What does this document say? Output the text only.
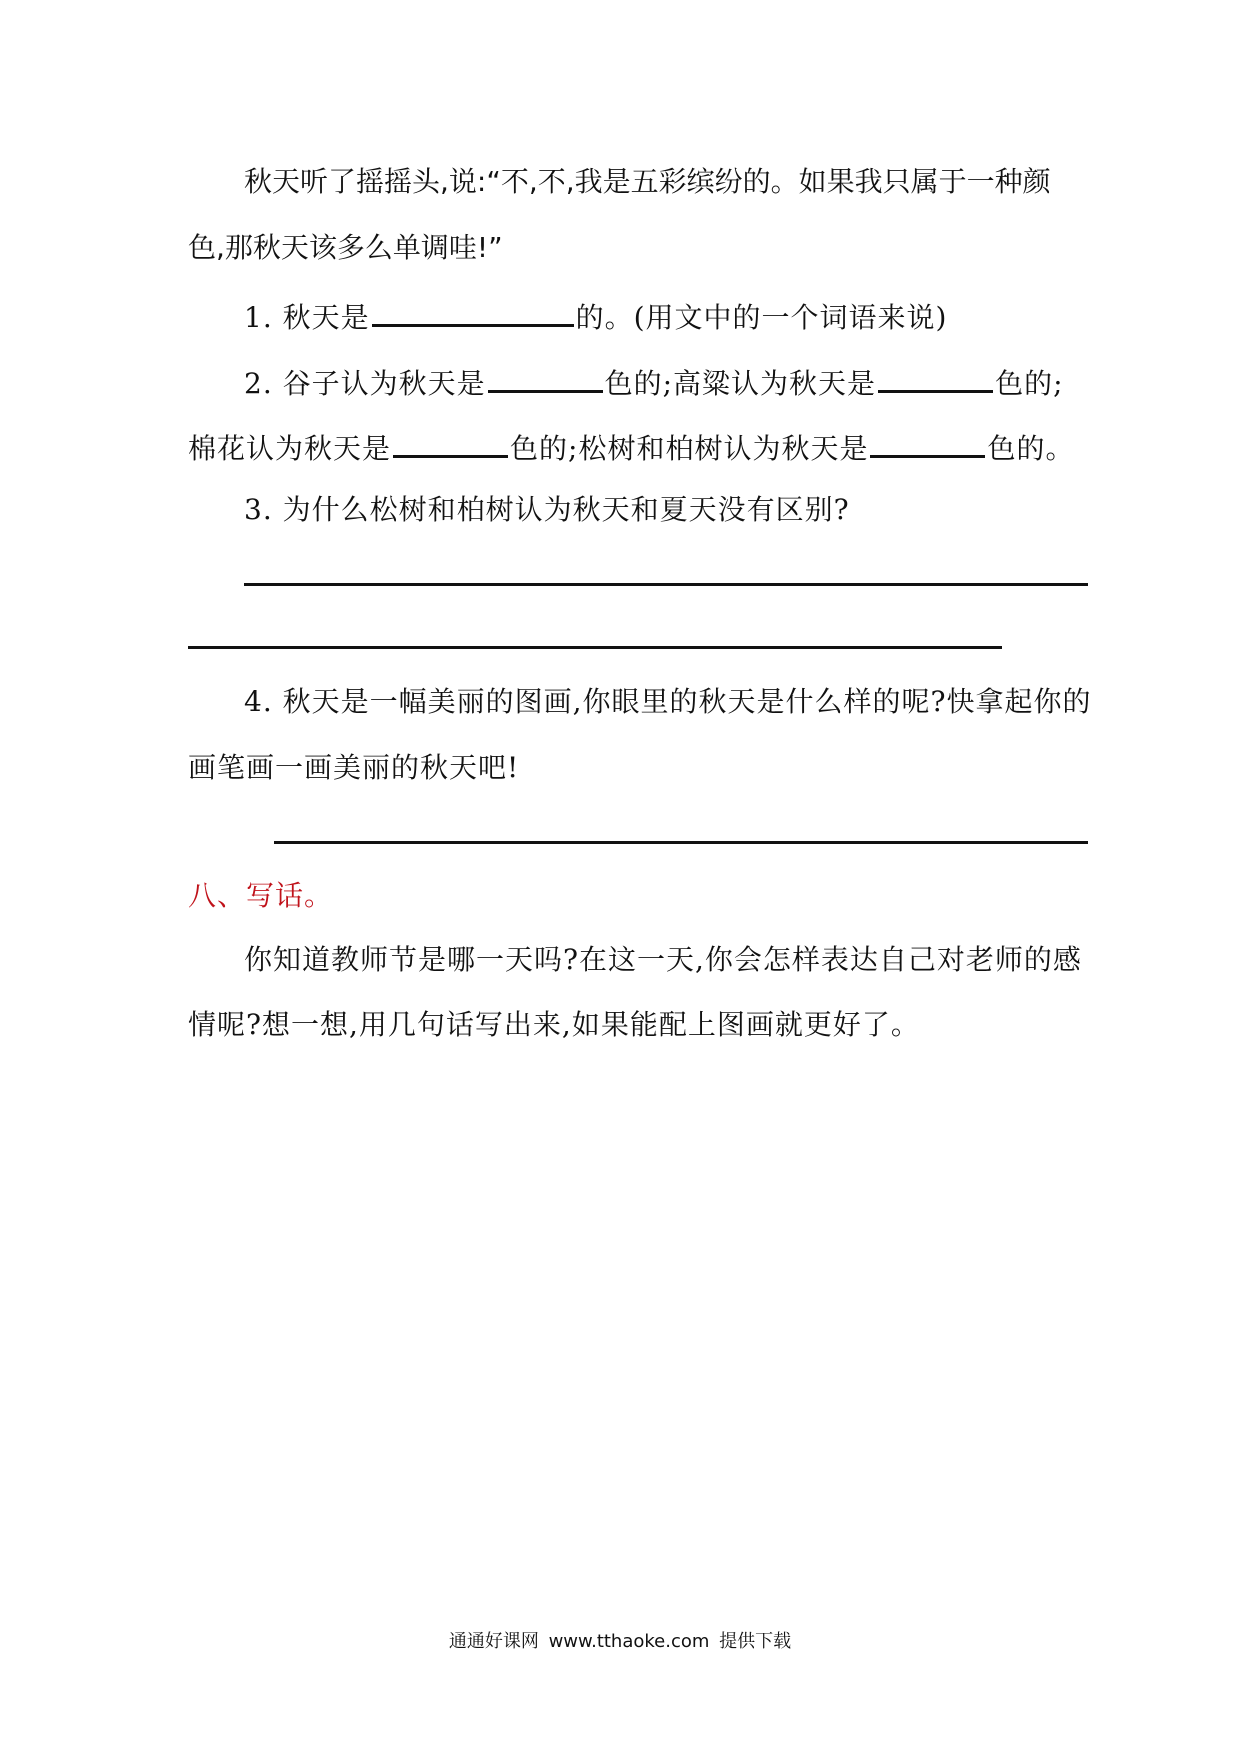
秋天听了摇摇头,说:“不,不,我是五彩缤纷的。如果我只属于一种颜
色,那秋天该多么单调哇!”
1. 秋天是	的。(用文中的一个词语来说)
2. 谷子认为秋天是	色的;高粱认为秋天是	色的;
棉花认为秋天是	色的;松树和柏树认为秋天是	色的。
3. 为什么松树和柏树认为秋天和夏天没有区别?
4. 秋天是一幅美丽的图画,你眼里的秋天是什么样的呢?快拿起你的
画笔画一画美丽的秋天吧!
八、写话。
你知道教师节是哪一天吗?在这一天,你会怎样表达自己对老师的感
情呢?想一想,用几句话写出来,如果能配上图画就更好了。
通通好课网 www.tthaoke.com 提供下载
